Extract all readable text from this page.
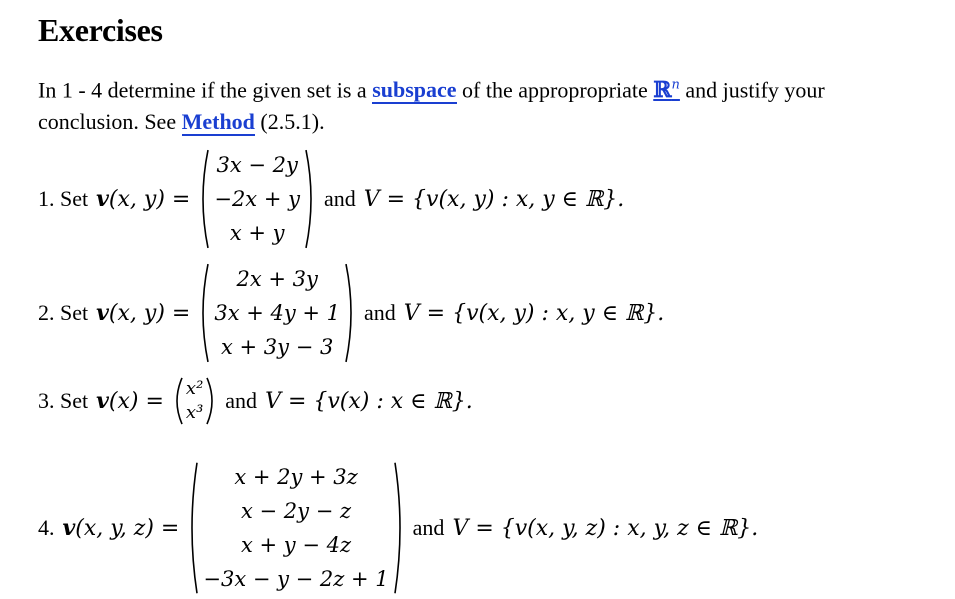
Exercises

In 1 - 4 determine if the given set is a subspace of the appropropriate ℝ$^n$ and justify your conclusion. See Method (2.5.1).

1. Set v (x, y) =
3x − 2y
−2x + y
x + y
and V = {v(x, y) : x, y ∈ ℝ}.
2. Set v (x, y) =
2x + 3y
3x + 4y + 1
x + 3y − 3
and V = {v(x, y) : x, y ∈ ℝ}.
3. Set v (x) = x²
x³ and V = {v(x) : x ∈ ℝ}.
4. v (x, y, z) =
x + 2y + 3z
x − 2y − z
x + y − 4z
−3x − y − 2z + 1
and V = {v(x, y, z) : x, y, z ∈ ℝ}.
